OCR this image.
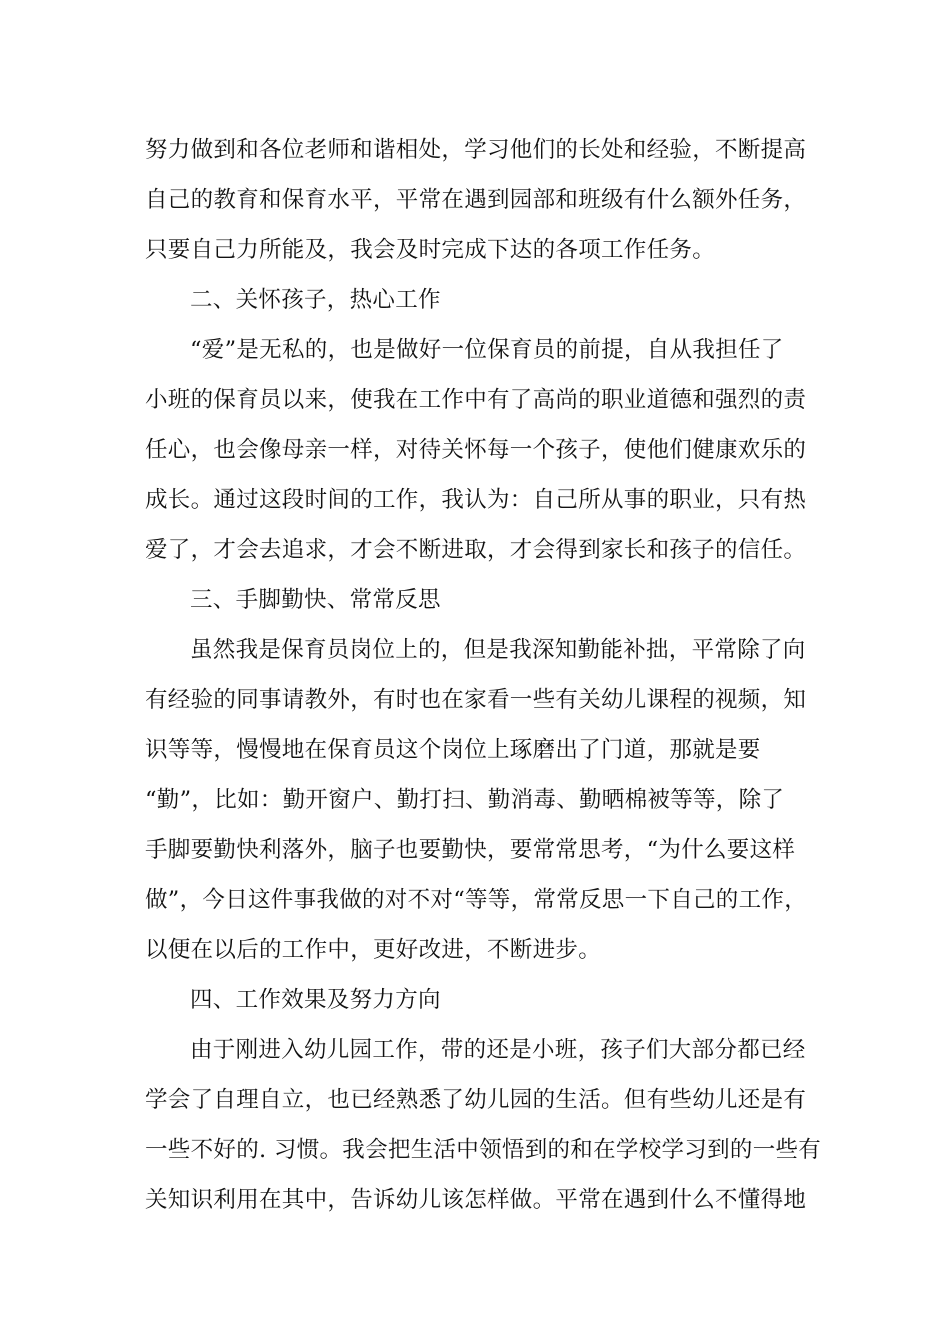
努力做到和各位老师和谐相处，学习他们的长处和经验，不断提高
自己的教育和保育水平，平常在遇到园部和班级有什么额外任务，
只要自己力所能及，我会及时完成下达的各项工作任务。
二、关怀孩子，热心工作
“爱”是无私的，也是做好一位保育员的前提，自从我担任了
小班的保育员以来，使我在工作中有了高尚的职业道德和强烈的责
任心，也会像母亲一样，对待关怀每一个孩子，使他们健康欢乐的
成长。通过这段时间的工作，我认为：自己所从事的职业，只有热
爱了，才会去追求，才会不断进取，才会得到家长和孩子的信任。
三、手脚勤快、常常反思
虽然我是保育员岗位上的，但是我深知勤能补拙，平常除了向
有经验的同事请教外，有时也在家看一些有关幼儿课程的视频，知
识等等，慢慢地在保育员这个岗位上琢磨出了门道，那就是要
“勤”，比如：勤开窗户、勤打扫、勤消毒、勤晒棉被等等，除了
手脚要勤快利落外，脑子也要勤快，要常常思考，“为什么要这样
做”，今日这件事我做的对不对“等等，常常反思一下自己的工作，
以便在以后的工作中，更好改进，不断进步。
四、工作效果及努力方向
由于刚进入幼儿园工作，带的还是小班，孩子们大部分都已经
学会了自理自立，也已经熟悉了幼儿园的生活。但有些幼儿还是有
一些不好的. 习惯。我会把生活中领悟到的和在学校学习到的一些有
关知识利用在其中，告诉幼儿该怎样做。平常在遇到什么不懂得地
